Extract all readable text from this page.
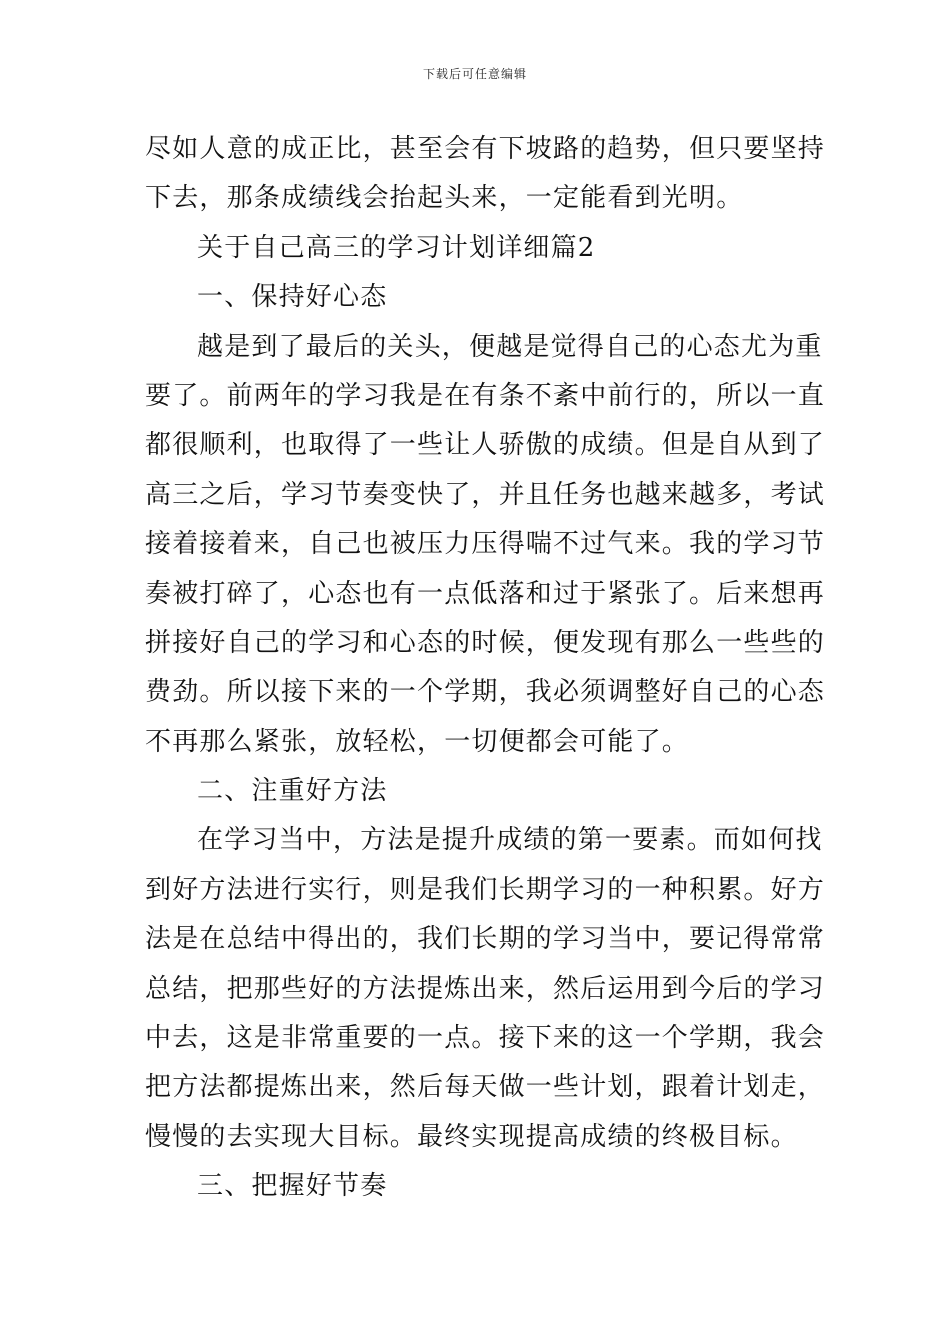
下载后可任意编辑
尽如人意的成正比，甚至会有下坡路的趋势，但只要坚持
下去，那条成绩线会抬起头来，一定能看到光明。
关于自己高三的学习计划详细篇2
一、保持好心态
越是到了最后的关头，便越是觉得自己的心态尤为重
要了。前两年的学习我是在有条不紊中前行的，所以一直
都很顺利，也取得了一些让人骄傲的成绩。但是自从到了
高三之后，学习节奏变快了，并且任务也越来越多，考试
接着接着来，自己也被压力压得喘不过气来。我的学习节
奏被打碎了，心态也有一点低落和过于紧张了。后来想再
拼接好自己的学习和心态的时候，便发现有那么一些些的
费劲。所以接下来的一个学期，我必须调整好自己的心态
不再那么紧张，放轻松，一切便都会可能了。
二、注重好方法
在学习当中，方法是提升成绩的第一要素。而如何找
到好方法进行实行，则是我们长期学习的一种积累。好方
法是在总结中得出的，我们长期的学习当中，要记得常常
总结，把那些好的方法提炼出来，然后运用到今后的学习
中去，这是非常重要的一点。接下来的这一个学期，我会
把方法都提炼出来，然后每天做一些计划，跟着计划走，
慢慢的去实现大目标。最终实现提高成绩的终极目标。
三、把握好节奏
